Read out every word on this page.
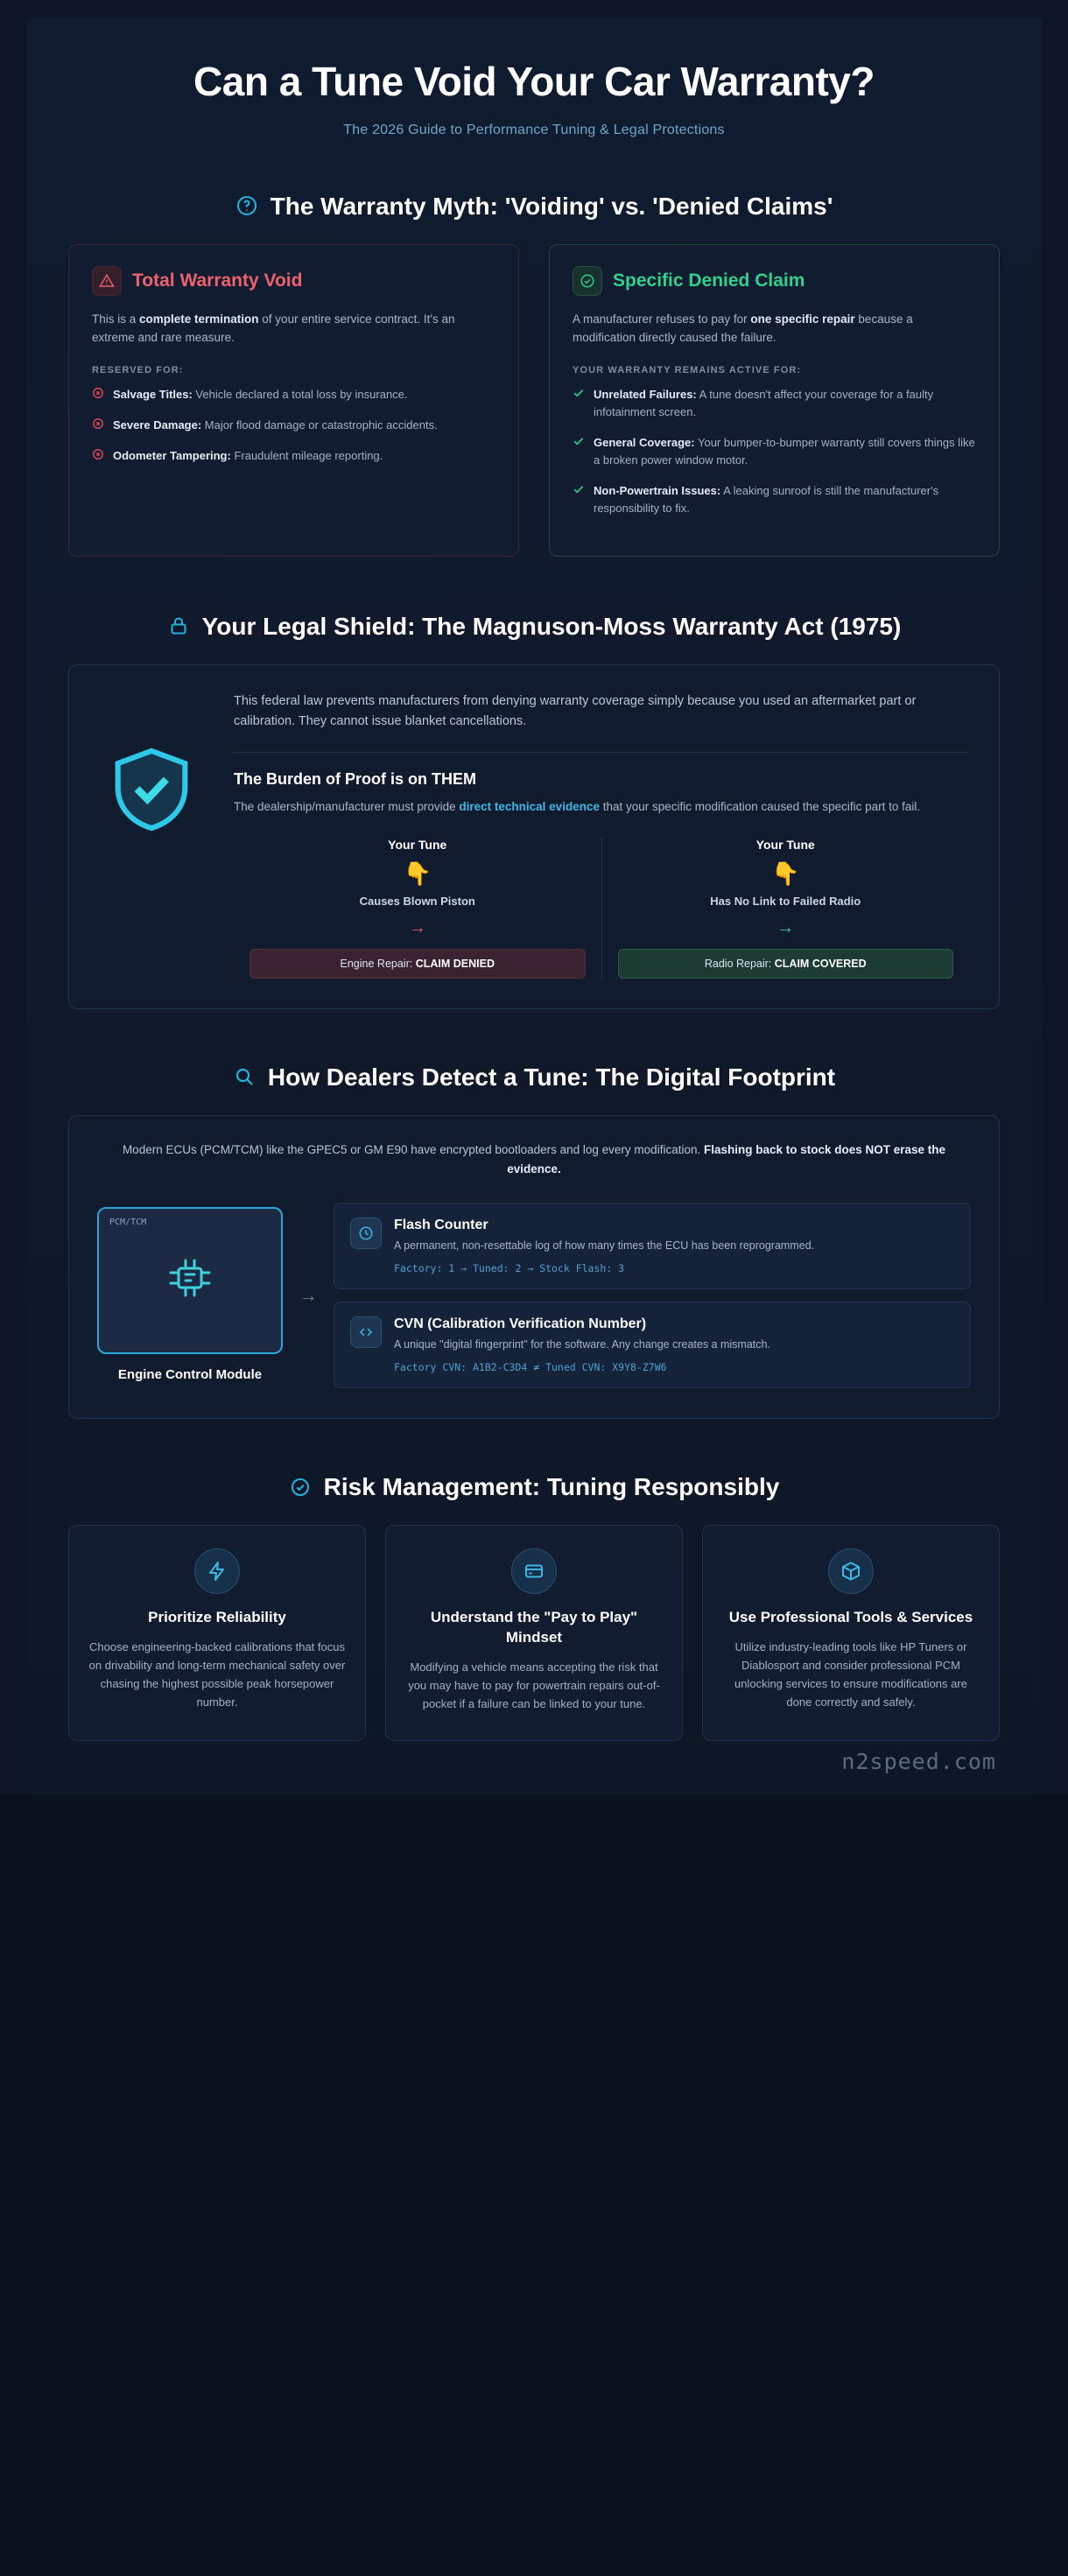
Can a Tune Void Your Car Warranty?
The 2026 Guide to Performance Tuning & Legal Protections
The Warranty Myth: 'Voiding' vs. 'Denied Claims'
Total Warranty Void
This is a complete termination of your entire service contract. It's an extreme and rare measure.
RESERVED FOR:
Salvage Titles: Vehicle declared a total loss by insurance.
Severe Damage: Major flood damage or catastrophic accidents.
Odometer Tampering: Fraudulent mileage reporting.
Specific Denied Claim
A manufacturer refuses to pay for one specific repair because a modification directly caused the failure.
YOUR WARRANTY REMAINS ACTIVE FOR:
Unrelated Failures: A tune doesn't affect your coverage for a faulty infotainment screen.
General Coverage: Your bumper-to-bumper warranty still covers things like a broken power window motor.
Non-Powertrain Issues: A leaking sunroof is still the manufacturer's responsibility to fix.
Your Legal Shield: The Magnuson-Moss Warranty Act (1975)
This federal law prevents manufacturers from denying warranty coverage simply because you used an aftermarket part or calibration. They cannot issue blanket cancellations.
The Burden of Proof is on THEM
The dealership/manufacturer must provide direct technical evidence that your specific modification caused the specific part to fail.
Your Tune
👇
Causes Blown Piston
→
Engine Repair: CLAIM DENIED
Your Tune
👇
Has No Link to Failed Radio
→
Radio Repair: CLAIM COVERED
How Dealers Detect a Tune: The Digital Footprint
Modern ECUs (PCM/TCM) like the GPEC5 or GM E90 have encrypted bootloaders and log every modification. Flashing back to stock does NOT erase the evidence.
PCM/TCM
Engine Control Module
→
Flash Counter
A permanent, non-resettable log of how many times the ECU has been reprogrammed.
Factory: 1 → Tuned: 2 → Stock Flash: 3
CVN (Calibration Verification Number)
A unique "digital fingerprint" for the software. Any change creates a mismatch.
Factory CVN: A1B2-C3D4 ≠ Tuned CVN: X9Y8-Z7W6
Risk Management: Tuning Responsibly
Prioritize Reliability
Choose engineering-backed calibrations that focus on drivability and long-term mechanical safety over chasing the highest possible peak horsepower number.
Understand the "Pay to Play" Mindset
Modifying a vehicle means accepting the risk that you may have to pay for powertrain repairs out-of-pocket if a failure can be linked to your tune.
Use Professional Tools & Services
Utilize industry-leading tools like HP Tuners or Diablosport and consider professional PCM unlocking services to ensure modifications are done correctly and safely.
n2speed.com
